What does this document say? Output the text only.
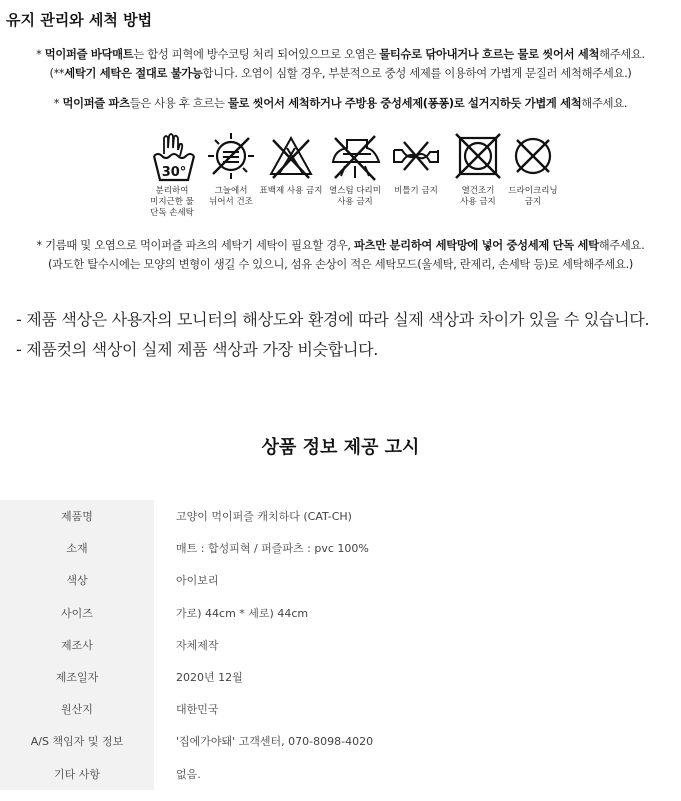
유지 관리와 세척 방법
* 먹이퍼즐 바닥매트는 합성 피혁에 방수코팅 처리 되어있으므로 오염은 물티슈로 닦아내거나 흐르는 물로 씻어서 세척해주세요.
(**세탁기 세탁은 절대로 불가능합니다. 오염이 심할 경우, 부분적으로 중성 세제를 이용하여 가볍게 문질러 세척해주세요.)
* 먹이퍼즐 파츠들은 사용 후 흐르는 물로 씻어서 세척하거나 주방용 중성세제(퐁퐁)로 설거지하듯 가볍게 세척해주세요.
30°
분리하여
미지근한 물
단독 손세탁
그늘에서
뉘어서 건조
표백제 사용 금지 열스팀 다리미
사용 금지
비틀기 금지	열건조기
사용 금지
드라이크리닝
금지
* 기름때 및 오염으로 먹이퍼즐 파츠의 세탁기 세탁이 필요할 경우, 파츠만 분리하여 세탁망에 넣어 중성세제 단독 세탁해주세요.
(과도한 탈수시에는 모양의 변형이 생길 수 있으니, 섬유 손상이 적은 세탁모드(울세탁, 란제리, 손세탁 등)로 세탁해주세요.)
- 제품 색상은 사용자의 모니터의 해상도와 환경에 따라 실제 색상과 차이가 있을 수 있습니다.
- 제품컷의 색상이 실제 제품 색상과 가장 비슷합니다.
상품 정보 제공 고시
제품명	고양이 먹이퍼즐 캐치하다 (CAT-CH)
소재	매트 : 합성피혁 / 퍼즐파츠 : pvc 100%
색상	아이보리
사이즈	가로) 44cm * 세로) 44cm
제조사	자체제작
제조일자	2020년 12월
원산지	대한민국
A/S 책임자 및 정보	'집에가야돼' 고객센터, 070-8098-4020
기타 사항	없음.
